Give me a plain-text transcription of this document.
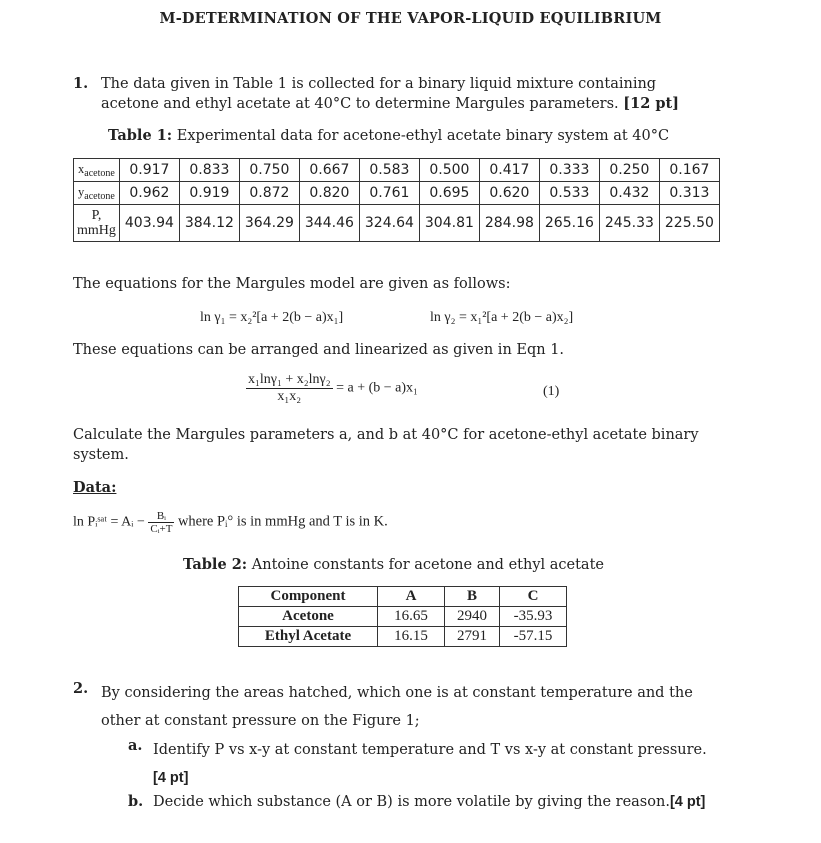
M-DETERMINATION OF THE VAPOR-LIQUID EQUILIBRIUM
1. The data given in Table 1 is collected for a binary liquid mixture containing
acetone and ethyl acetate at 40°C to determine Margules parameters. [12 pt]
Table 1: Experimental data for acetone-ethyl acetate binary system at 40°C
$x_{acetone}$	0.917	0.833	0.750	0.667	0.583	0.500	0.417	0.333	0.250	0.167
$y_{acetone}$	0.962	0.919	0.872	0.820	0.761	0.695	0.620	0.533	0.432	0.313

P,
mmHg	403.94	384.12	364.29	344.46	324.64	304.81	284.98	265.16	245.33	225.50
The equations for the Margules model are given as follows:
ln γ₁ = x₂²[a + 2(b − a)x₁]	ln γ₂ = x₁²[a + 2(b − a)x₂]
These equations can be arranged and linearized as given in Eqn 1.
$\frac{\text{x₁lnγ₁ + x₂lnγ₂}}{\text{x₁x₂}} = a + (b - a)x_1$	(1)
Calculate the Margules parameters a, and b at 40°C for acetone-ethyl acetate binary
system.
Data:
ln Pᵢˢᵃᵗ = Aᵢ − $\frac{\text{Bᵢ}}{\text{Cᵢ+T}}$ where Pᵢ° is in mmHg and T is in K.
Table 2: Antoine constants for acetone and ethyl acetate
Component	A	B	C
Acetone	16.65	2940	-35.93
Ethyl Acetate	16.15	2791	-57.15
2. By considering the areas hatched, which one is at constant temperature and the
other at constant pressure on the Figure 1;
a. Identify P vs x-y at constant temperature and T vs x-y at constant pressure.
[4 pt]
b. Decide which substance (A or B) is more volatile by giving the reason.[4 pt]
